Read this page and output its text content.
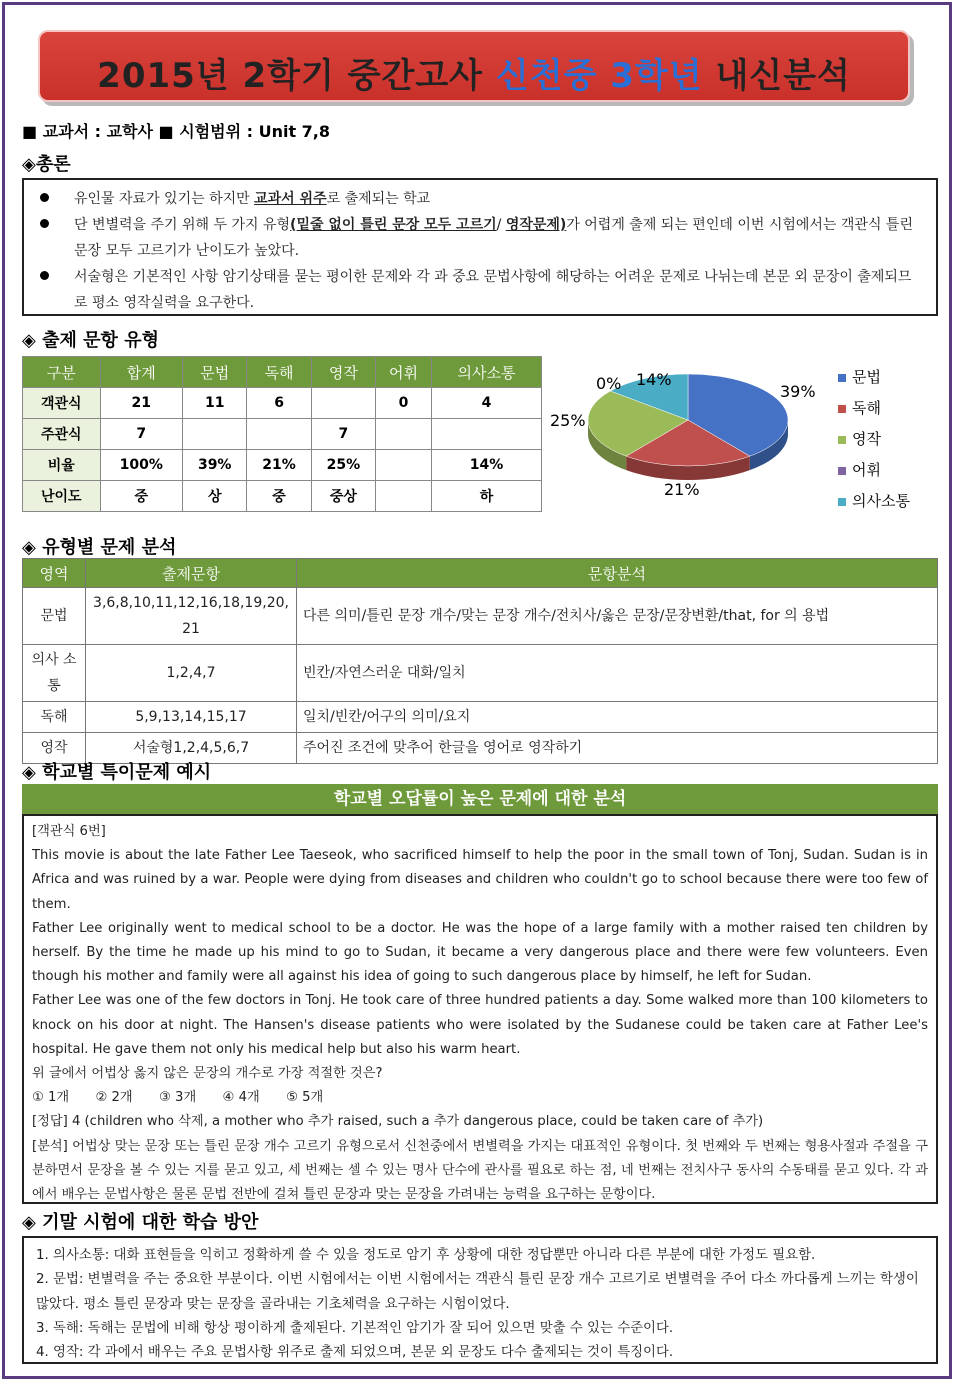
2015년 2학기 중간고사 신천중 3학년 내신분석
■ 교과서 : 교학사 ■ 시험범위 : Unit 7,8
◈총론
유인물 자료가 있기는 하지만 교과서 위주로 출제되는 학교
단 변별력을 주기 위해 두 가지 유형(밑줄 없이 틀린 문장 모두 고르기/ 영작문제)가 어렵게 출제 되는 편인데 이번 시험에서는 객관식 틀린 문장 모두 고르기가 난이도가 높았다.
서술형은 기본적인 사항 암기상태를 묻는 평이한 문제와 각 과 중요 문법사항에 해당하는 어려운 문제로 나뉘는데 본문 외 문장이 출제되므로 평소 영작실력을 요구한다.
◈ 출제 문항 유형
구분	합계	문법	독해	영작	어휘	의사소통
객관식	21	11	6		0	4
주관식	7			7		
비율	100%	39%	21%	25%		14%
난이도	중	상	중	중상		하
39%
21%
25%
0% 14%	문법
독해
영작
어휘
의사소통
◈ 유형별 문제 분석
영역	출제문항	문항분석
문법	3,6,8,10,11,12,16,18,19,20, 21	다른 의미/틀린 문장 개수/맞는 문장 개수/전치사/옳은 문장/문장변환/that, for 의 용법
의사 소통	1,2,4,7	빈칸/자연스러운 대화/일치
독해	5,9,13,14,15,17	일치/빈칸/어구의 의미/요지
영작	서술형1,2,4,5,6,7	주어진 조건에 맞추어 한글을 영어로 영작하기
◈ 학교별 특이문제 예시
학교별 오답률이 높은 문제에 대한 분석

[객관식 6번]

This movie is about the late Father Lee Taeseok, who sacrificed himself to help the poor in the small town of Tonj, Sudan. Sudan is in Africa and was ruined by a war. People were dying from diseases and children who couldn't go to school because there were too few of them.

Father Lee originally went to medical school to be a doctor. He was the hope of a large family with a mother raised ten children by herself. By the time he made up his mind to go to Sudan, it became a very dangerous place and there were few volunteers. Even though his mother and family were all against his idea of going to such dangerous place by himself, he left for Sudan.

Father Lee was one of the few doctors in Tonj. He took care of three hundred patients a day. Some walked more than 100 kilometers to knock on his door at night. The Hansen's disease patients who were isolated by the Sudanese could be taken care at Father Lee's hospital. He gave them not only his medical help but also his warm heart.

위 글에서 어법상 옳지 않은 문장의 개수로 가장 적절한 것은?

① 1개　　② 2개　　③ 3개　　④ 4개　　⑤ 5개

[정답] 4 (children who 삭제, a mother who 추가 raised, such a 추가 dangerous place, could be taken care of 추가)

[분석] 어법상 맞는 문장 또는 틀린 문장 개수 고르기 유형으로서 신천중에서 변별력을 가지는 대표적인 유형이다. 첫 번째와 두 번째는 형용사절과 주절을 구분하면서 문장을 볼 수 있는 지를 묻고 있고, 세 번째는 셀 수 있는 명사 단수에 관사를 필요로 하는 점, 네 번째는 전치사구 동사의 수동태를 묻고 있다. 각 과에서 배우는 문법사항은 물론 문법 전반에 걸쳐 틀린 문장과 맞는 문장을 가려내는 능력을 요구하는 문항이다.

◈ 기말 시험에 대한 학습 방안

1. 의사소통: 대화 표현들을 익히고 정확하게 쓸 수 있을 정도로 암기 후 상황에 대한 정답뿐만 아니라 다른 부분에 대한 가정도 필요함.

2. 문법: 변별력을 주는 중요한 부분이다. 이번 시험에서는 이번 시험에서는 객관식 틀린 문장 개수 고르기로 변별력을 주어 다소 까다롭게 느끼는 학생이 많았다. 평소 틀린 문장과 맞는 문장을 골라내는 기초체력을 요구하는 시험이었다.

3. 독해: 독해는 문법에 비해 항상 평이하게 출제된다. 기본적인 암기가 잘 되어 있으면 맞출 수 있는 수준이다.

4. 영작: 각 과에서 배우는 주요 문법사항 위주로 출제 되었으며, 본문 외 문장도 다수 출제되는 것이 특징이다.
